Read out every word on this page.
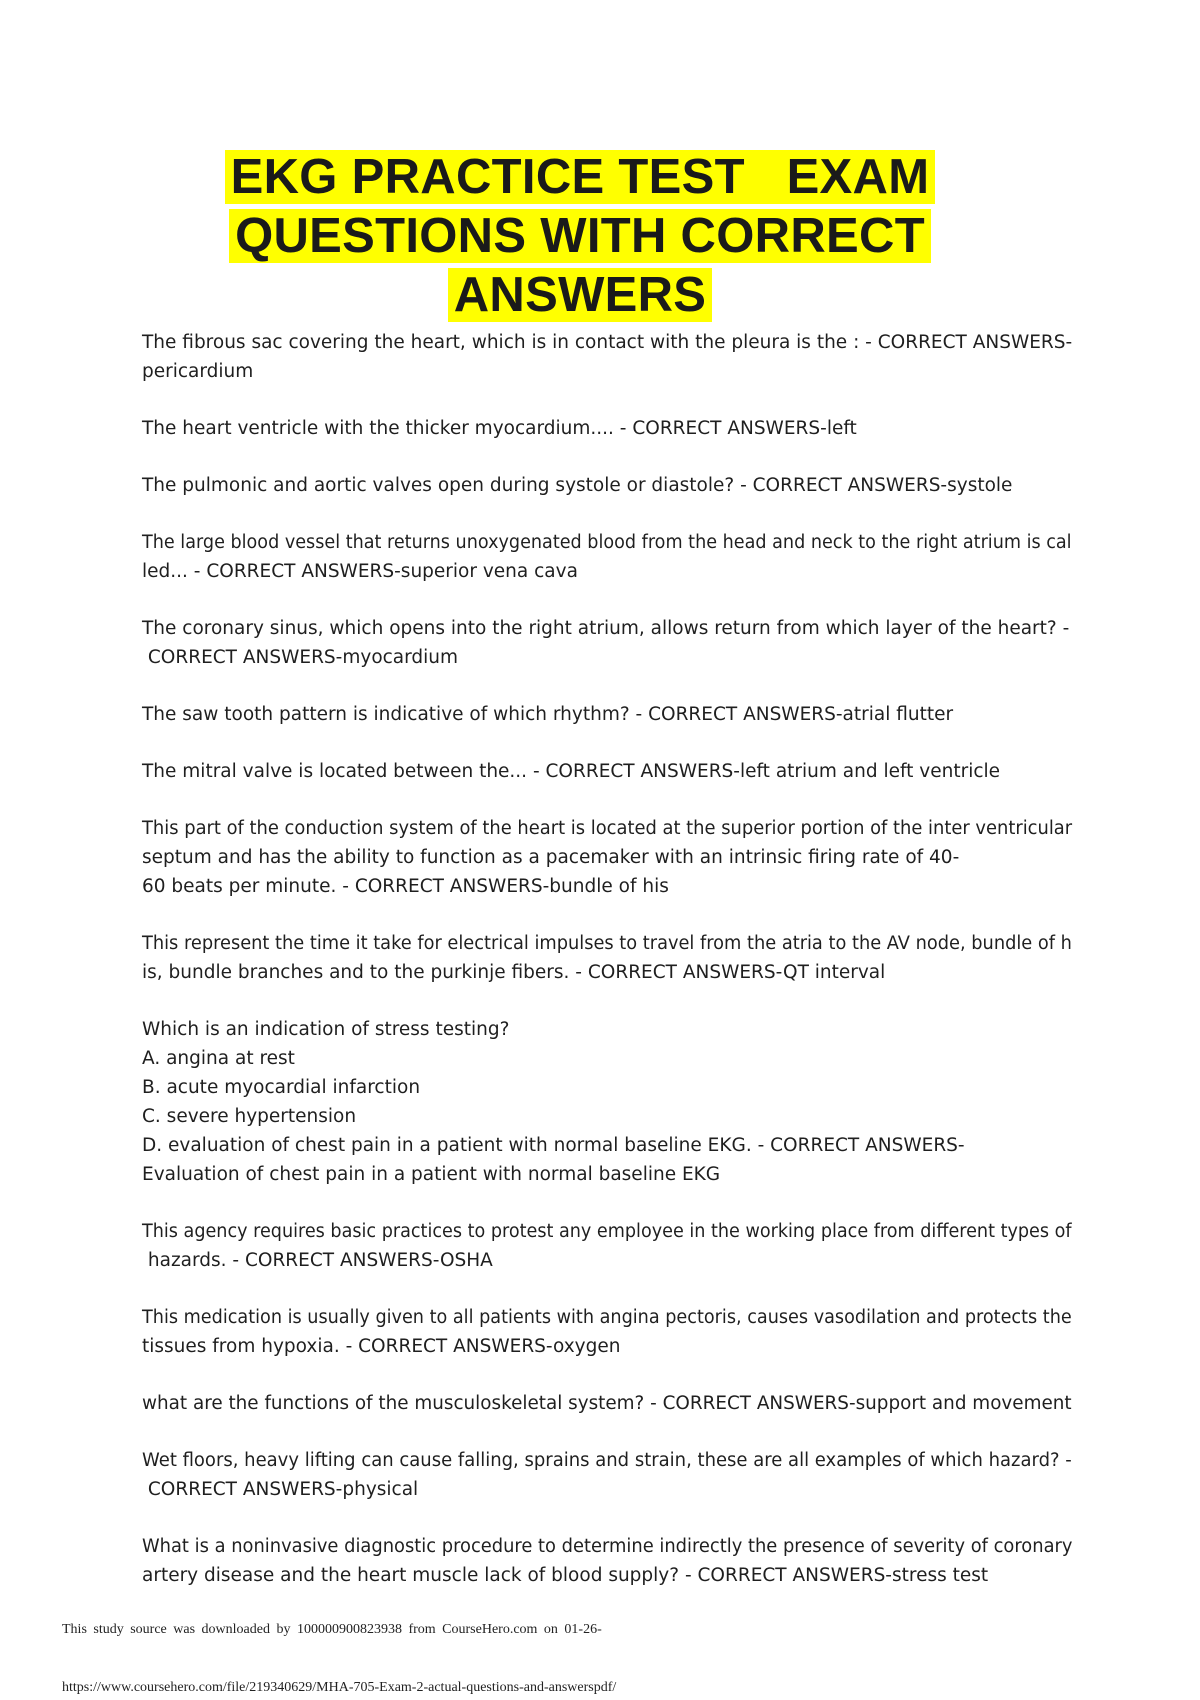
EKG PRACTICE TEST   EXAM
QUESTIONS WITH CORRECT
ANSWERS
The fibrous sac covering the heart, which is in contact with the pleura is the : - CORRECT ANSWERS-
pericardium
The heart ventricle with the thicker myocardium.... - CORRECT ANSWERS-left
The pulmonic and aortic valves open during systole or diastole? - CORRECT ANSWERS-systole
The large blood vessel that returns unoxygenated blood from the head and neck to the right atrium is cal
led... - CORRECT ANSWERS-superior vena cava
The coronary sinus, which opens into the right atrium, allows return from which layer of the heart? -
CORRECT ANSWERS-myocardium
The saw tooth pattern is indicative of which rhythm? - CORRECT ANSWERS-atrial flutter
The mitral valve is located between the... - CORRECT ANSWERS-left atrium and left ventricle
This part of the conduction system of the heart is located at the superior portion of the inter ventricular
septum and has the ability to function as a pacemaker with an intrinsic firing rate of 40-
60 beats per minute. - CORRECT ANSWERS-bundle of his
This represent the time it take for electrical impulses to travel from the atria to the AV node, bundle of h
is, bundle branches and to the purkinje fibers. - CORRECT ANSWERS-QT interval
Which is an indication of stress testing?
A. angina at rest
B. acute myocardial infarction
C. severe hypertension
D. evaluation of chest pain in a patient with normal baseline EKG. - CORRECT ANSWERS-
Evaluation of chest pain in a patient with normal baseline EKG
This agency requires basic practices to protest any employee in the working place from different types of
hazards. - CORRECT ANSWERS-OSHA
This medication is usually given to all patients with angina pectoris, causes vasodilation and protects the
tissues from hypoxia. - CORRECT ANSWERS-oxygen
what are the functions of the musculoskeletal system? - CORRECT ANSWERS-support and movement
Wet floors, heavy lifting can cause falling, sprains and strain, these are all examples of which hazard? -
CORRECT ANSWERS-physical
What is a noninvasive diagnostic procedure to determine indirectly the presence of severity of coronary
artery disease and the heart muscle lack of blood supply? - CORRECT ANSWERS-stress test
This study source was downloaded by 100000900823938 from CourseHero.com on 01-26-
https://www.coursehero.com/file/219340629/MHA-705-Exam-2-actual-questions-and-answerspdf/
